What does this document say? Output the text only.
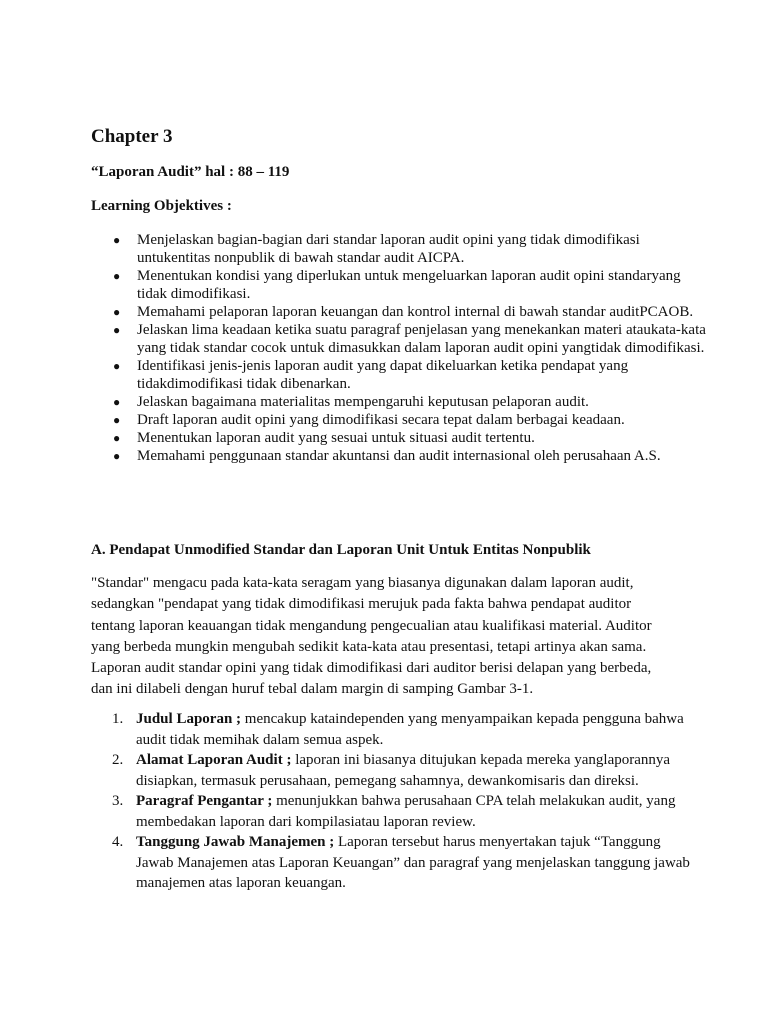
Chapter 3

“Laporan Audit” hal : 88 – 119

Learning Objektives :

● Menjelaskan bagian-bagian dari standar laporan audit opini yang tidak dimodifikasi untukentitas nonpublik di bawah standar audit AICPA.
● Menentukan kondisi yang diperlukan untuk mengeluarkan laporan audit opini standaryang tidak dimodifikasi.
● Memahami pelaporan laporan keuangan dan kontrol internal di bawah standar auditPCAOB.
● Jelaskan lima keadaan ketika suatu paragraf penjelasan yang menekankan materi ataukata-kata yang tidak standar cocok untuk dimasukkan dalam laporan audit opini yangtidak dimodifikasi.
● Identifikasi jenis-jenis laporan audit yang dapat dikeluarkan ketika pendapat yang tidakdimodifikasi tidak dibenarkan.
● Jelaskan bagaimana materialitas mempengaruhi keputusan pelaporan audit.
● Draft laporan audit opini yang dimodifikasi secara tepat dalam berbagai keadaan.
● Menentukan laporan audit yang sesuai untuk situasi audit tertentu.
● Memahami penggunaan standar akuntansi dan audit internasional oleh perusahaan A.S.
A. Pendapat Unmodified Standar dan Laporan Unit Untuk Entitas Nonpublik

"Standar" mengacu pada kata-kata seragam yang biasanya digunakan dalam laporan audit, sedangkan "pendapat yang tidak dimodifikasi merujuk pada fakta bahwa pendapat auditor tentang laporan keauangan tidak mengandung pengecualian atau kualifikasi material. Auditor yang berbeda mungkin mengubah sedikit kata-kata atau presentasi, tetapi artinya akan sama. Laporan audit standar opini yang tidak dimodifikasi dari auditor berisi delapan yang berbeda, dan ini dilabeli dengan huruf tebal dalam margin di samping Gambar 3-1.

1. Judul Laporan ; mencakup kataindependen yang menyampaikan kepada pengguna bahwa audit tidak memihak dalam semua aspek.
2. Alamat Laporan Audit ; laporan ini biasanya ditujukan kepada mereka yanglaporannya disiapkan, termasuk perusahaan, pemegang sahamnya, dewankomisaris dan direksi.
3. Paragraf Pengantar ; menunjukkan bahwa perusahaan CPA telah melakukan audit, yang membedakan laporan dari kompilasiatau laporan review.
4. Tanggung Jawab Manajemen ; Laporan tersebut harus menyertakan tajuk “Tanggung Jawab Manajemen atas Laporan Keuangan” dan paragraf yang menjelaskan tanggung jawab manajemen atas laporan keuangan.
